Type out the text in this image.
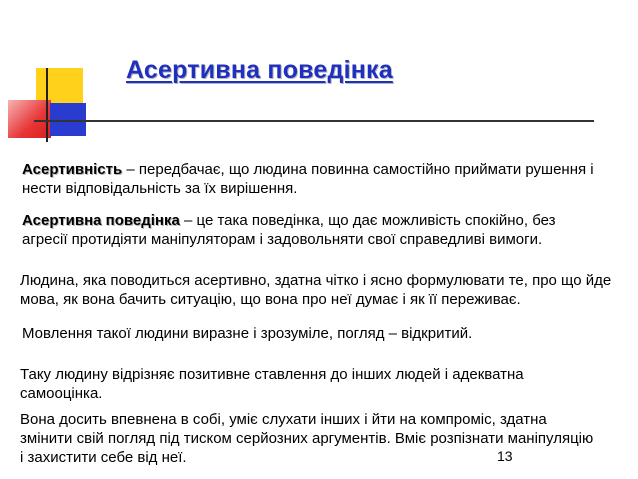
Асертивна поведінка
Асертивність – передбачає, що людина повинна самостійно приймати рушення і нести відповідальність за їх вирішення.
Асертивна поведінка – це така поведінка, що дає можливість спокійно, без агресії протидіяти маніпуляторам і задовольняти свої справедливі вимоги.
Людина, яка поводиться асертивно, здатна чітко і ясно формулювати те, про що йде мова, як вона бачить ситуацію, що вона про неї думає і як її переживає.
Мовлення такої людини виразне і зрозуміле, погляд – відкритий.
Таку людину відрізняє позитивне ставлення до інших людей і адекватна самооцінка.
Вона досить впевнена в собі, уміє слухати інших і йти на компроміс, здатна змінити свій погляд під тиском серйозних аргументів. Вміє розпізнати маніпуляцію і захистити себе від неї.	13
